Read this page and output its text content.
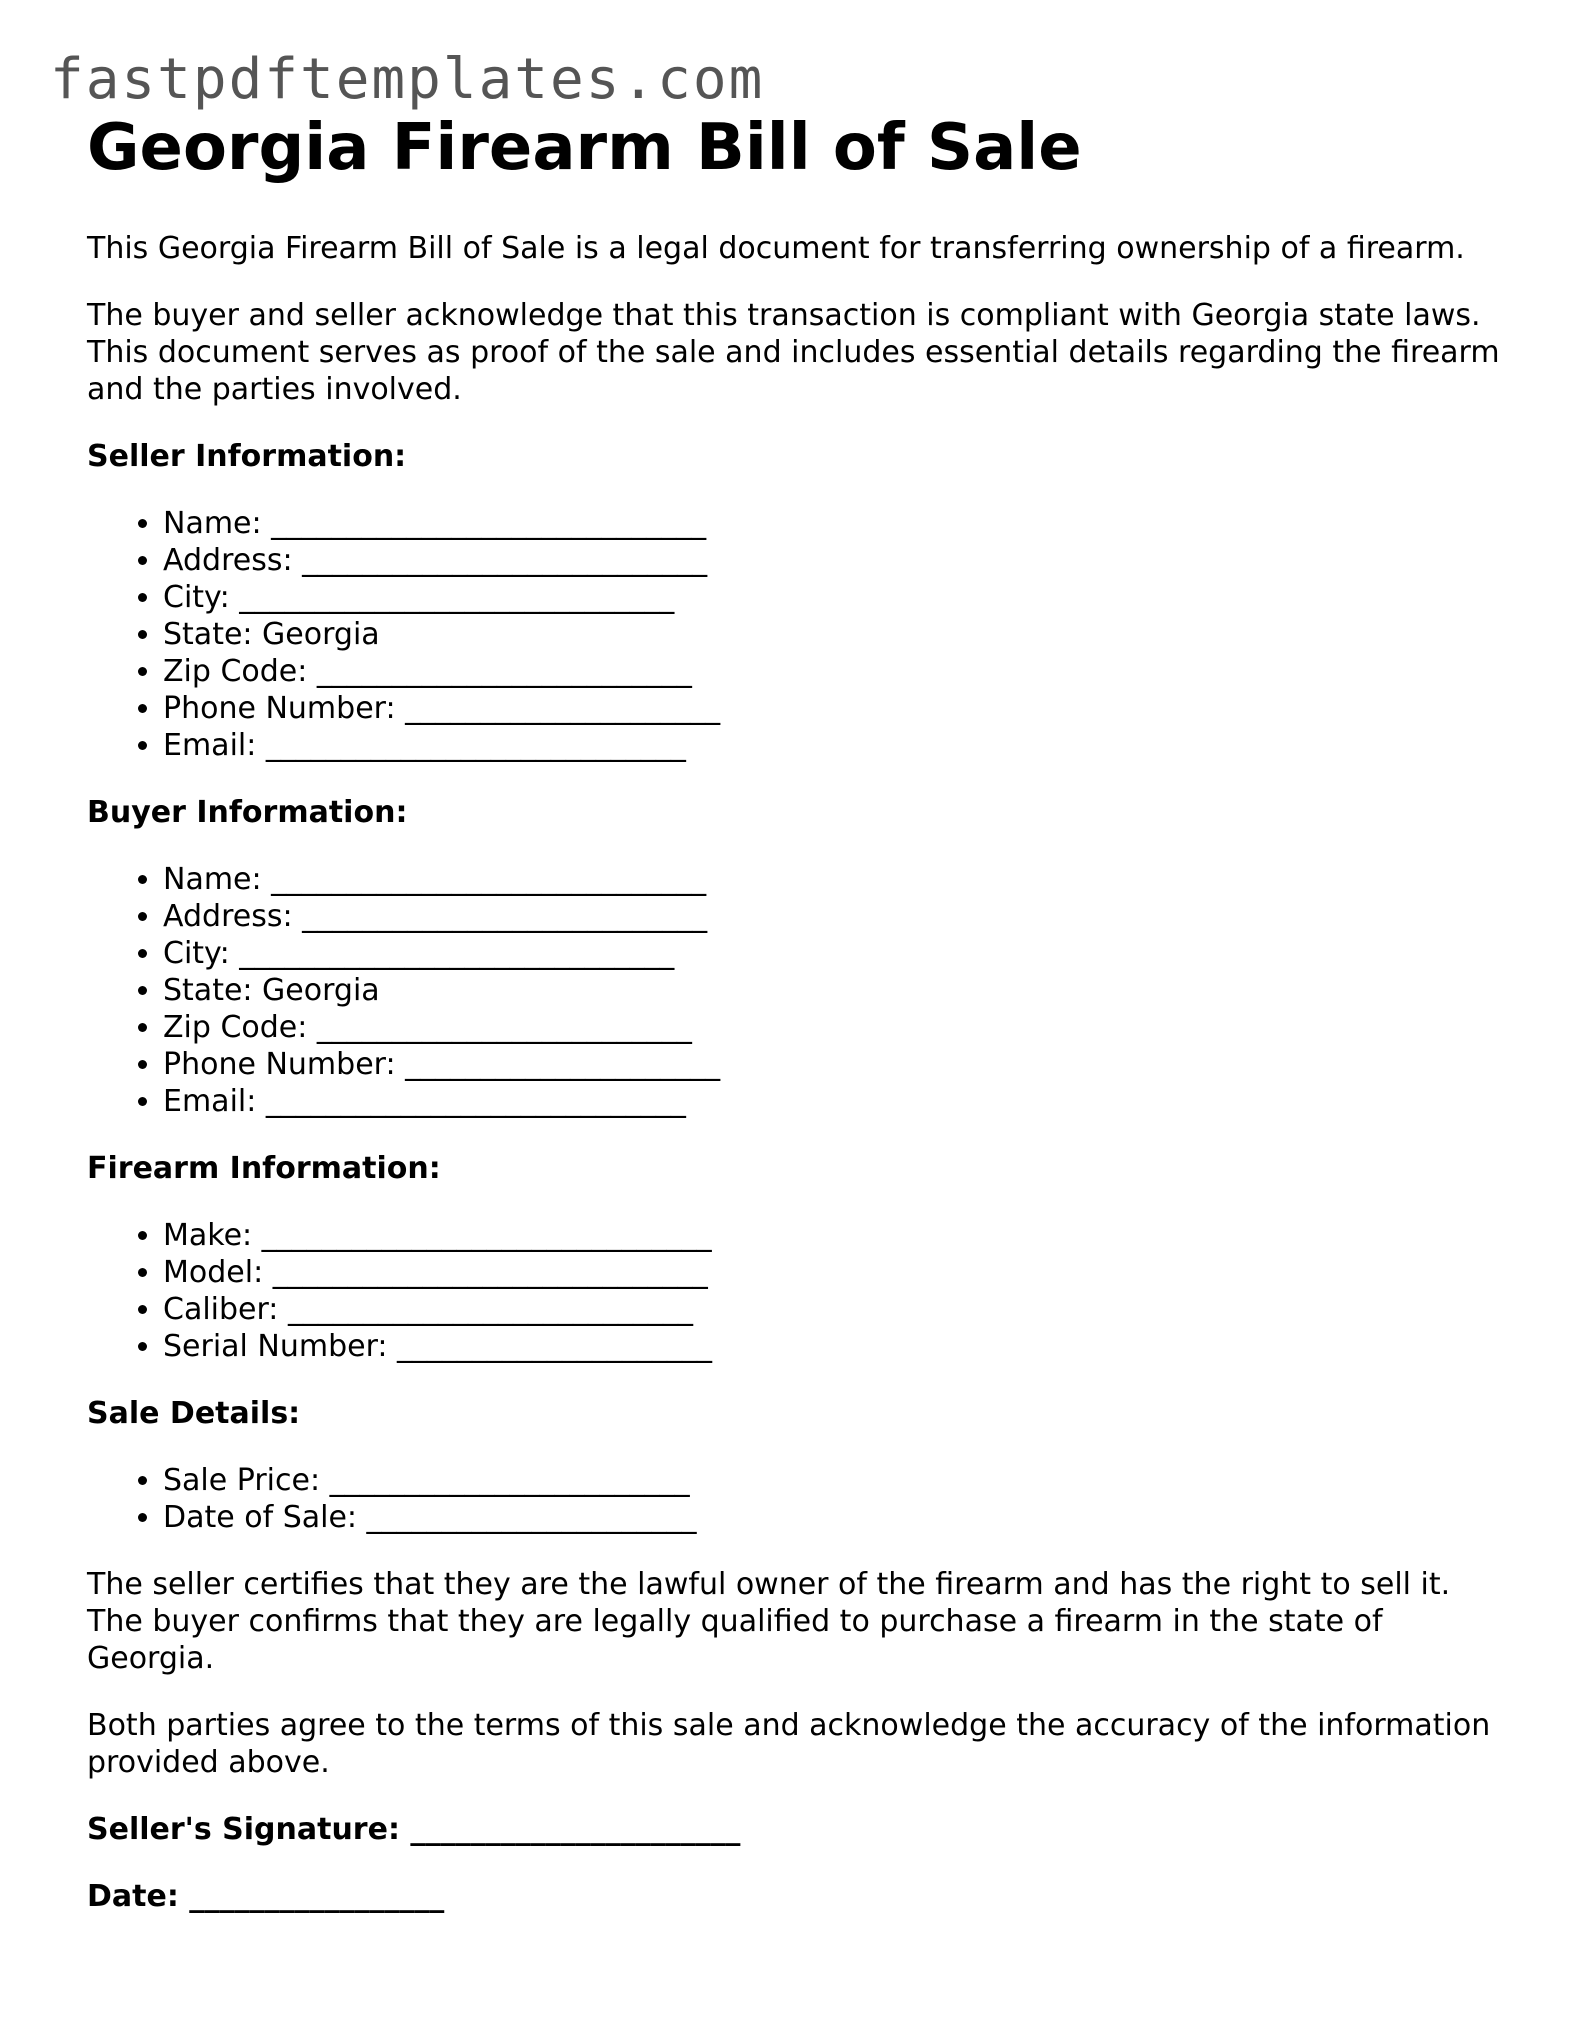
fastpdftemplates.com
Georgia Firearm Bill of Sale

This Georgia Firearm Bill of Sale is a legal document for transferring ownership of a firearm.

The buyer and seller acknowledge that this transaction is compliant with Georgia state laws. This document serves as proof of the sale and includes essential details regarding the firearm and the parties involved.

Seller Information:
• Name: _____________________________
• Address: ___________________________
• City: _____________________________
• State: Georgia
• Zip Code: _________________________
• Phone Number: _____________________
• Email: ____________________________
Buyer Information:
• Name: _____________________________
• Address: ___________________________
• City: _____________________________
• State: Georgia
• Zip Code: _________________________
• Phone Number: _____________________
• Email: ____________________________
Firearm Information:
• Make: ______________________________
• Model: _____________________________
• Caliber: ___________________________
• Serial Number: _____________________
Sale Details:
• Sale Price: ________________________
• Date of Sale: ______________________

The seller certifies that they are the lawful owner of the firearm and has the right to sell it. The buyer confirms that they are legally qualified to purchase a firearm in the state of Georgia.

Both parties agree to the terms of this sale and acknowledge the accuracy of the information provided above.

Seller's Signature: ______________________
Date: _________________
